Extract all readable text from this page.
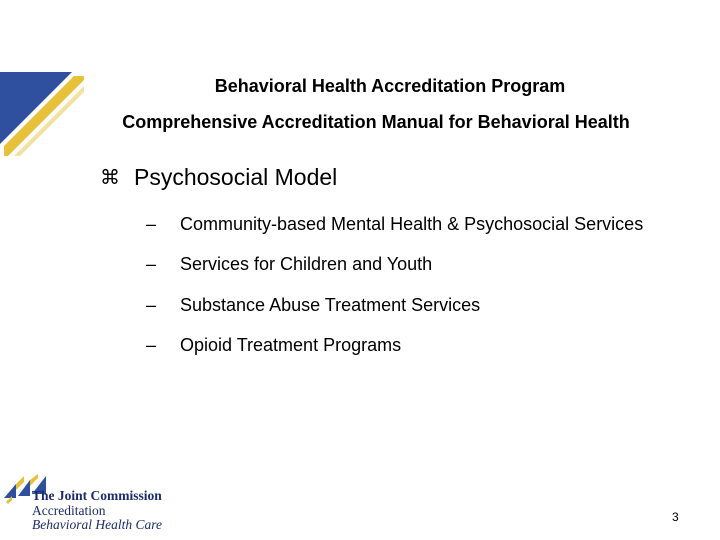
Behavioral Health Accreditation Program
Comprehensive Accreditation Manual for Behavioral Health
⌘ Psychosocial Model
–	Community-based Mental Health & Psychosocial Services
–	Services for Children and Youth
–	Substance Abuse Treatment Services
–	Opioid Treatment Programs
The Joint Commission
Accreditation
Behavioral Health Care	3
